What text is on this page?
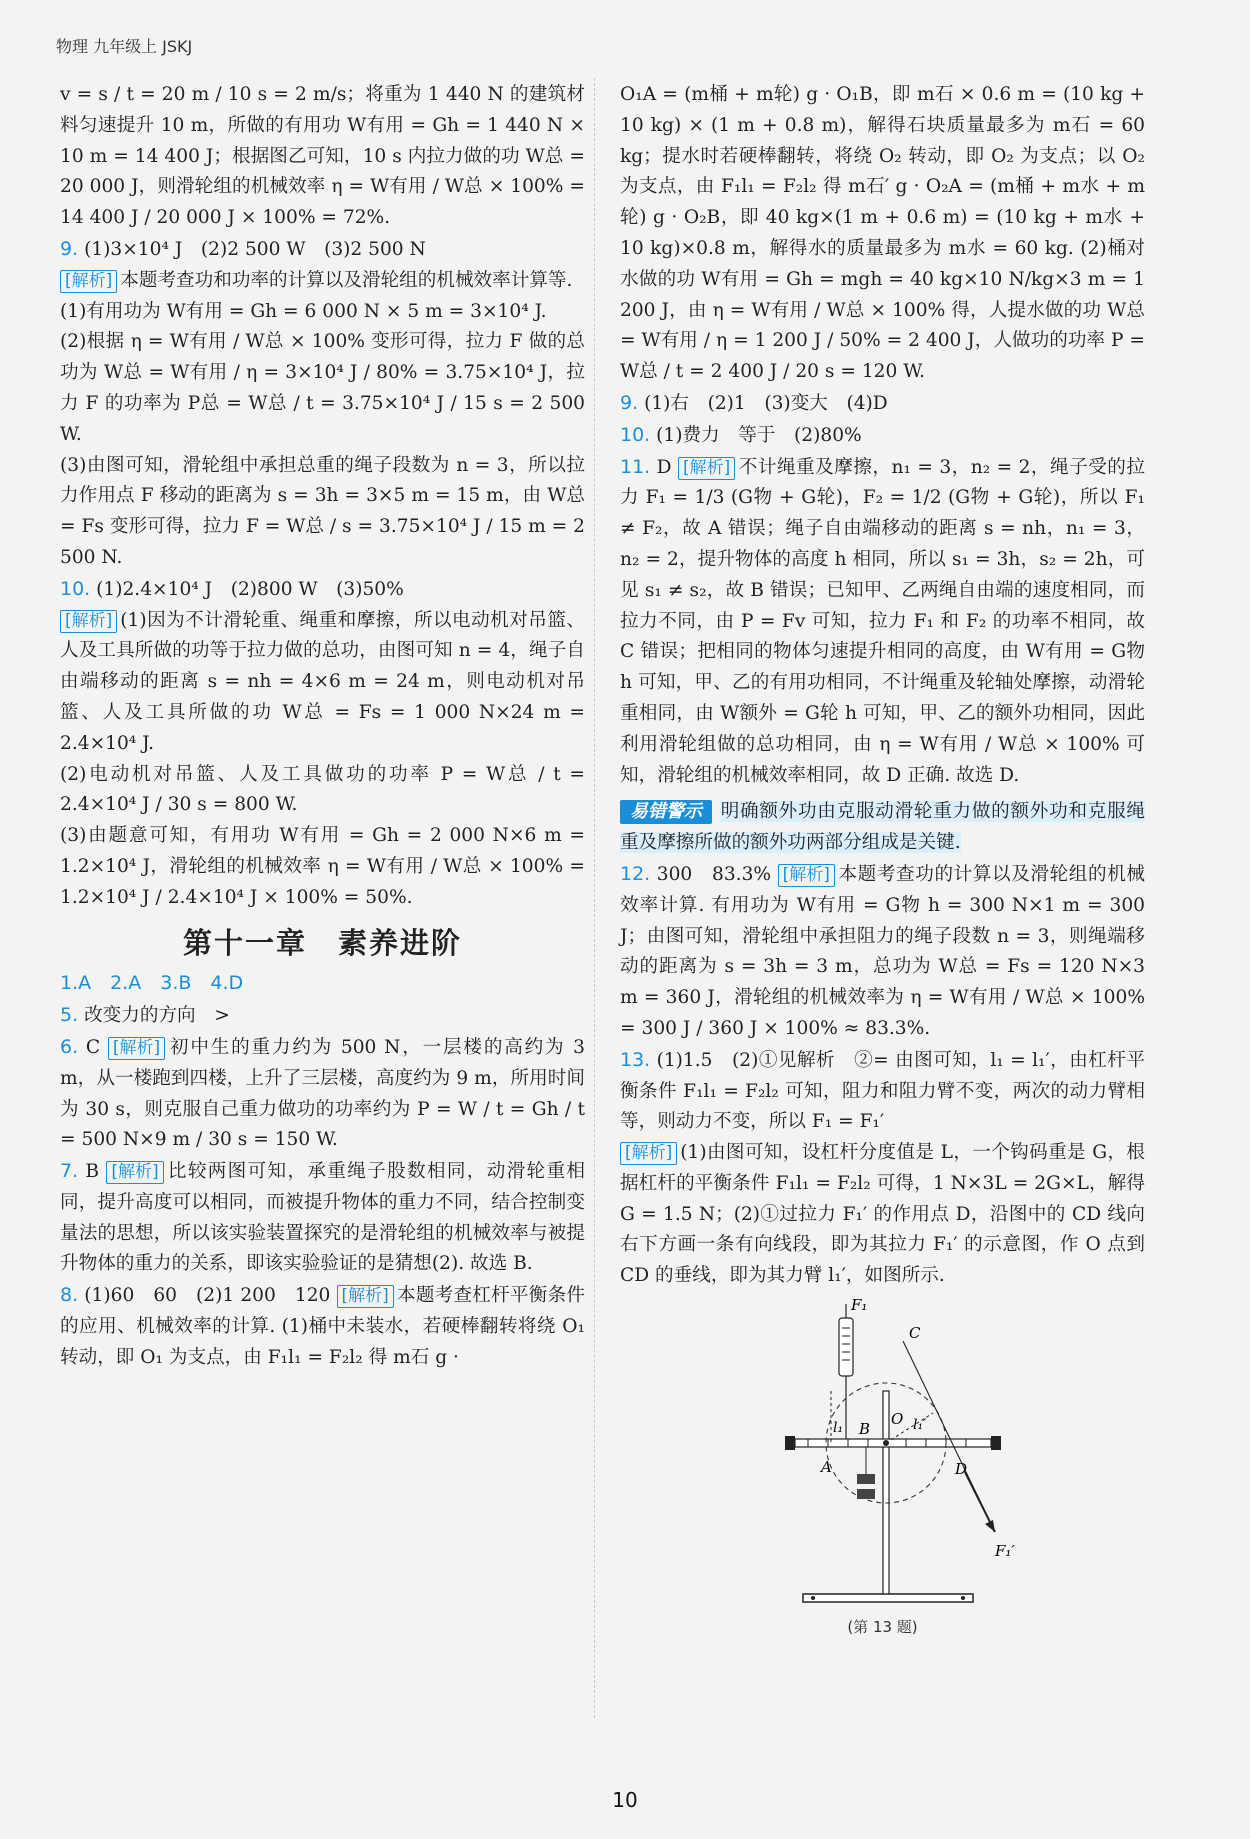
物理 九年级上 JSKJ

v = s / t = 20 m / 10 s = 2 m/s；将重为 1 440 N 的建筑材料匀速提升 10 m，所做的有用功 W有用 = Gh = 1 440 N × 10 m = 14 400 J；根据图乙可知，10 s 内拉力做的功 W总 = 20 000 J，则滑轮组的机械效率 η = W有用 / W总 × 100% = 14 400 J / 20 000 J × 100% = 72%.

9. (1)3×10⁴ J　(2)2 500 W　(3)2 500 N

[解析] 本题考查功和功率的计算以及滑轮组的机械效率计算等.

(1)有用功为 W有用 = Gh = 6 000 N × 5 m = 3×10⁴ J.

(2)根据 η = W有用 / W总 × 100% 变形可得，拉力 F 做的总功为 W总 = W有用 / η = 3×10⁴ J / 80% = 3.75×10⁴ J，拉力 F 的功率为 P总 = W总 / t = 3.75×10⁴ J / 15 s = 2 500 W.

(3)由图可知，滑轮组中承担总重的绳子段数为 n = 3，所以拉力作用点 F 移动的距离为 s = 3h = 3×5 m = 15 m，由 W总 = Fs 变形可得，拉力 F = W总 / s = 3.75×10⁴ J / 15 m = 2 500 N.

10. (1)2.4×10⁴ J　(2)800 W　(3)50%

[解析] (1)因为不计滑轮重、绳重和摩擦，所以电动机对吊篮、人及工具所做的功等于拉力做的总功，由图可知 n = 4，绳子自由端移动的距离 s = nh = 4×6 m = 24 m，则电动机对吊篮、人及工具所做的功 W总 = Fs = 1 000 N×24 m = 2.4×10⁴ J.

(2)电动机对吊篮、人及工具做功的功率 P = W总 / t = 2.4×10⁴ J / 30 s = 800 W.

(3)由题意可知，有用功 W有用 = Gh = 2 000 N×6 m = 1.2×10⁴ J，滑轮组的机械效率 η = W有用 / W总 × 100% = 1.2×10⁴ J / 2.4×10⁴ J × 100% = 50%.

第十一章　素养进阶

1.A　2.A　3.B　4.D

5. 改变力的方向　>

6. C [解析] 初中生的重力约为 500 N，一层楼的高约为 3 m，从一楼跑到四楼，上升了三层楼，高度约为 9 m，所用时间为 30 s，则克服自己重力做功的功率约为 P = W / t = Gh / t = 500 N×9 m / 30 s = 150 W.

7. B [解析] 比较两图可知，承重绳子股数相同，动滑轮重相同，提升高度可以相同，而被提升物体的重力不同，结合控制变量法的思想，所以该实验装置探究的是滑轮组的机械效率与被提升物体的重力的关系，即该实验验证的是猜想(2). 故选 B.

8. (1)60　60　(2)1 200　120 [解析] 本题考查杠杆平衡条件的应用、机械效率的计算. (1)桶中未装水，若硬棒翻转将绕 O₁ 转动，即 O₁ 为支点，由 F₁l₁ = F₂l₂ 得 m石 g ·

O₁A = (m桶 + m轮) g · O₁B，即 m石 × 0.6 m = (10 kg + 10 kg) × (1 m + 0.8 m)，解得石块质量最多为 m石 = 60 kg；提水时若硬棒翻转，将绕 O₂ 转动，即 O₂ 为支点；以 O₂ 为支点，由 F₁l₁ = F₂l₂ 得 m石′ g · O₂A = (m桶 + m水 + m轮) g · O₂B，即 40 kg×(1 m + 0.6 m) = (10 kg + m水 + 10 kg)×0.8 m，解得水的质量最多为 m水 = 60 kg. (2)桶对水做的功 W有用 = Gh = mgh = 40 kg×10 N/kg×3 m = 1 200 J，由 η = W有用 / W总 × 100% 得，人提水做的功 W总 = W有用 / η = 1 200 J / 50% = 2 400 J，人做功的功率 P = W总 / t = 2 400 J / 20 s = 120 W.

9. (1)右　(2)1　(3)变大　(4)D

10. (1)费力　等于　(2)80%

11. D [解析] 不计绳重及摩擦，n₁ = 3，n₂ = 2，绳子受的拉力 F₁ = 1/3 (G物 + G轮)，F₂ = 1/2 (G物 + G轮)，所以 F₁ ≠ F₂，故 A 错误；绳子自由端移动的距离 s = nh，n₁ = 3，n₂ = 2，提升物体的高度 h 相同，所以 s₁ = 3h，s₂ = 2h，可见 s₁ ≠ s₂，故 B 错误；已知甲、乙两绳自由端的速度相同，而拉力不同，由 P = Fv 可知，拉力 F₁ 和 F₂ 的功率不相同，故 C 错误；把相同的物体匀速提升相同的高度，由 W有用 = G物 h 可知，甲、乙的有用功相同，不计绳重及轮轴处摩擦，动滑轮重相同，由 W额外 = G轮 h 可知，甲、乙的额外功相同，因此利用滑轮组做的总功相同，由 η = W有用 / W总 × 100% 可知，滑轮组的机械效率相同，故 D 正确. 故选 D.

易错警示 明确额外功由克服动滑轮重力做的额外功和克服绳重及摩擦所做的额外功两部分组成是关键.

12. 300　83.3% [解析] 本题考查功的计算以及滑轮组的机械效率计算. 有用功为 W有用 = G物 h = 300 N×1 m = 300 J；由图可知，滑轮组中承担阻力的绳子段数 n = 3，则绳端移动的距离为 s = 3h = 3 m，总功为 W总 = Fs = 120 N×3 m = 360 J，滑轮组的机械效率为 η = W有用 / W总 × 100% = 300 J / 360 J × 100% ≈ 83.3%.

13. (1)1.5　(2)①见解析　②= 由图可知，l₁ = l₁′，由杠杆平衡条件 F₁l₁ = F₂l₂ 可知，阻力和阻力臂不变，两次的动力臂相等，则动力不变，所以 F₁ = F₁′

[解析] (1)由图可知，设杠杆分度值是 L，一个钩码重是 G，根据杠杆的平衡条件 F₁l₁ = F₂l₂ 可得，1 N×3L = 2G×L，解得 G = 1.5 N；(2)①过拉力 F₁′ 的作用点 D，沿图中的 CD 线向右下方画一条有向线段，即为其拉力 F₁′ 的示意图，作 O 点到 CD 的垂线，即为其力臂 l₁′，如图所示.

F₁
C
l₁ B
O l₁′
A	D
F₁′
(第 13 题)
10
